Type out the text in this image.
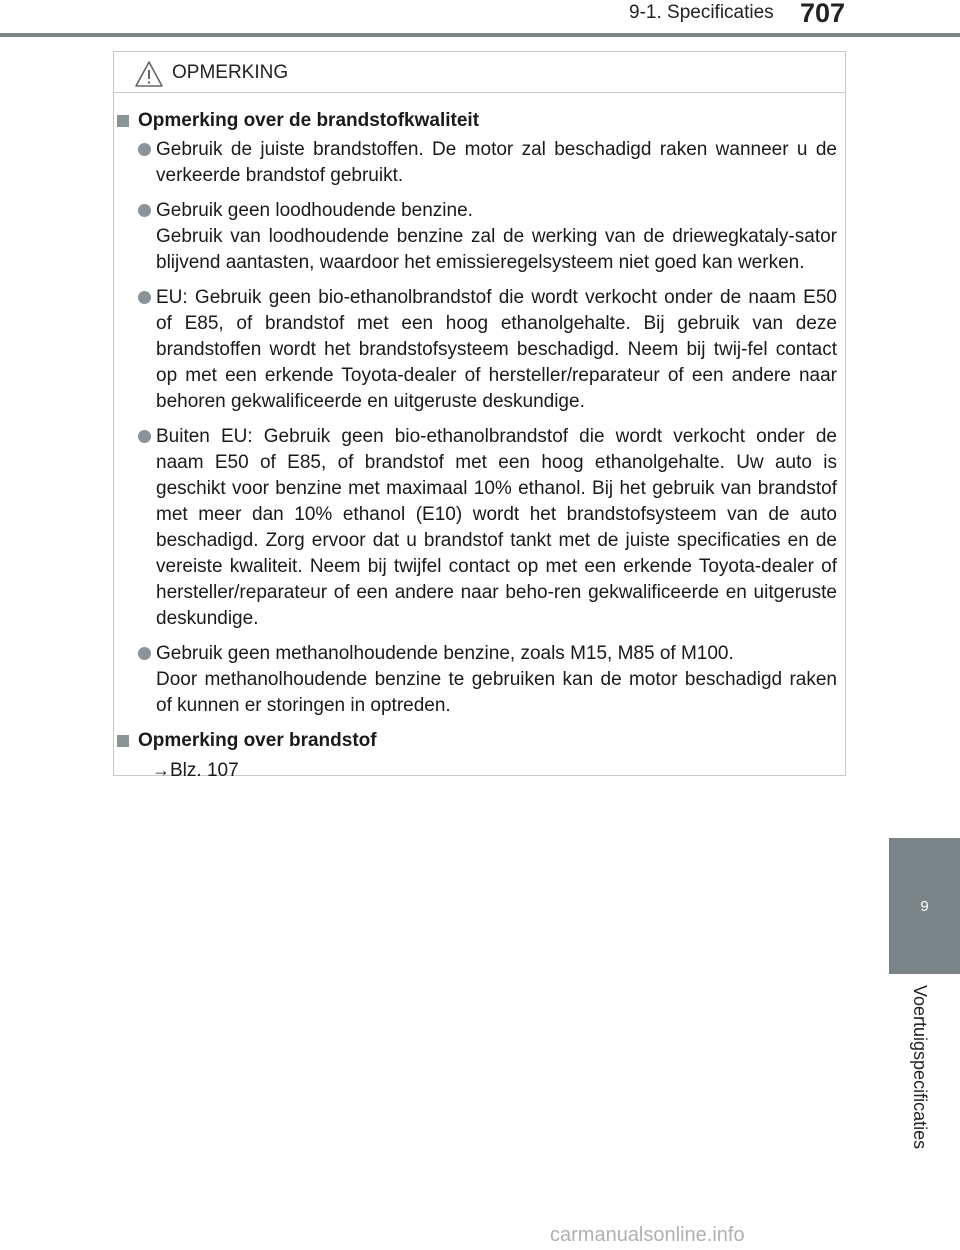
9-1. Specificaties 707
OPMERKING
Opmerking over de brandstofkwaliteit

Gebruik de juiste brandstoffen. De motor zal beschadigd raken wanneer u de verkeerde brandstof gebruikt.

Gebruik geen loodhoudende benzine.

Gebruik van loodhoudende benzine zal de werking van de driewegkataly-sator blijvend aantasten, waardoor het emissieregelsysteem niet goed kan werken.

EU: Gebruik geen bio-ethanolbrandstof die wordt verkocht onder de naam E50 of E85, of brandstof met een hoog ethanolgehalte. Bij gebruik van deze brandstoffen wordt het brandstofsysteem beschadigd. Neem bij twij-fel contact op met een erkende Toyota-dealer of hersteller/reparateur of een andere naar behoren gekwalificeerde en uitgeruste deskundige.

Buiten EU: Gebruik geen bio-ethanolbrandstof die wordt verkocht onder de naam E50 of E85, of brandstof met een hoog ethanolgehalte. Uw auto is geschikt voor benzine met maximaal 10% ethanol. Bij het gebruik van brandstof met meer dan 10% ethanol (E10) wordt het brandstofsysteem van de auto beschadigd. Zorg ervoor dat u brandstof tankt met de juiste specificaties en de vereiste kwaliteit. Neem bij twijfel contact op met een erkende Toyota-dealer of hersteller/reparateur of een andere naar beho-ren gekwalificeerde en uitgeruste deskundige.

Gebruik geen methanolhoudende benzine, zoals M15, M85 of M100.

Door methanolhoudende benzine te gebruiken kan de motor beschadigd raken of kunnen er storingen in optreden.

Opmerking over brandstof
→Blz. 107
9
Voertuigspecificaties
carmanualsonline.info
